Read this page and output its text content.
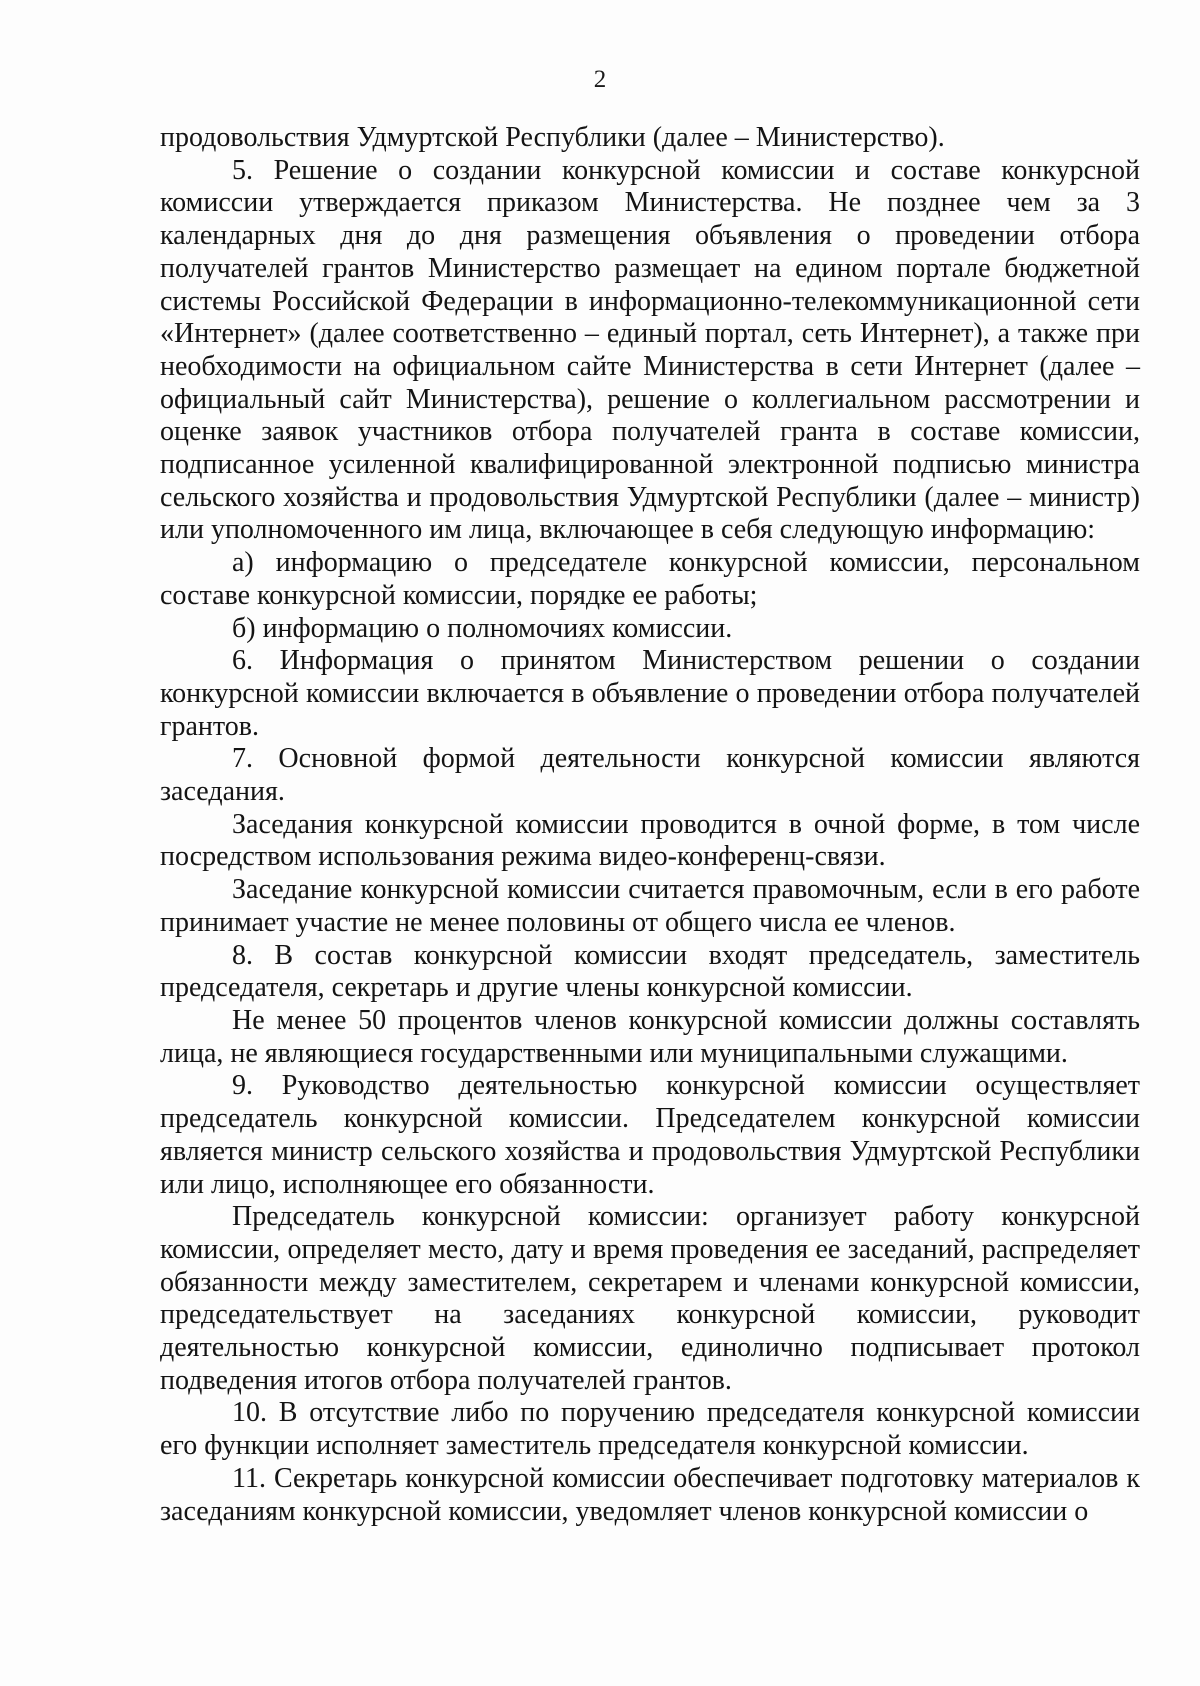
2

продовольствия Удмуртской Республики (далее – Министерство).

5. Решение о создании конкурсной комиссии и составе конкурсной комиссии утверждается приказом Министерства. Не позднее чем за 3 календарных дня до дня размещения объявления о проведении отбора получателей грантов Министерство размещает на едином портале бюджетной системы Российской Федерации в информационно-телекоммуникационной сети «Интернет» (далее соответственно – единый портал, сеть Интернет), а также при необходимости на официальном сайте Министерства в сети Интернет (далее – официальный сайт Министерства), решение о коллегиальном рассмотрении и оценке заявок участников отбора получателей гранта в составе комиссии, подписанное усиленной квалифицированной электронной подписью министра сельского хозяйства и продовольствия Удмуртской Республики (далее – министр) или уполномоченного им лица, включающее в себя следующую информацию:

а) информацию о председателе конкурсной комиссии, персональном составе конкурсной комиссии, порядке ее работы;

б) информацию о полномочиях комиссии.

6. Информация о принятом Министерством решении о создании конкурсной комиссии включается в объявление о проведении отбора получателей грантов.

7. Основной формой деятельности конкурсной комиссии являются заседания.

Заседания конкурсной комиссии проводится в очной форме, в том числе посредством использования режима видео-конференц-связи.

Заседание конкурсной комиссии считается правомочным, если в его работе принимает участие не менее половины от общего числа ее членов.

8. В состав конкурсной комиссии входят председатель, заместитель председателя, секретарь и другие члены конкурсной комиссии.

Не менее 50 процентов членов конкурсной комиссии должны составлять лица, не являющиеся государственными или муниципальными служащими.

9. Руководство деятельностью конкурсной комиссии осуществляет председатель конкурсной комиссии. Председателем конкурсной комиссии является министр сельского хозяйства и продовольствия Удмуртской Республики или лицо, исполняющее его обязанности.

Председатель конкурсной комиссии: организует работу конкурсной комиссии, определяет место, дату и время проведения ее заседаний, распределяет обязанности между заместителем, секретарем и членами конкурсной комиссии, председательствует на заседаниях конкурсной комиссии, руководит деятельностью конкурсной комиссии, единолично подписывает протокол подведения итогов отбора получателей грантов.

10. В отсутствие либо по поручению председателя конкурсной комиссии его функции исполняет заместитель председателя конкурсной комиссии.

11. Секретарь конкурсной комиссии обеспечивает подготовку материалов к заседаниям конкурсной комиссии, уведомляет членов конкурсной комиссии о
